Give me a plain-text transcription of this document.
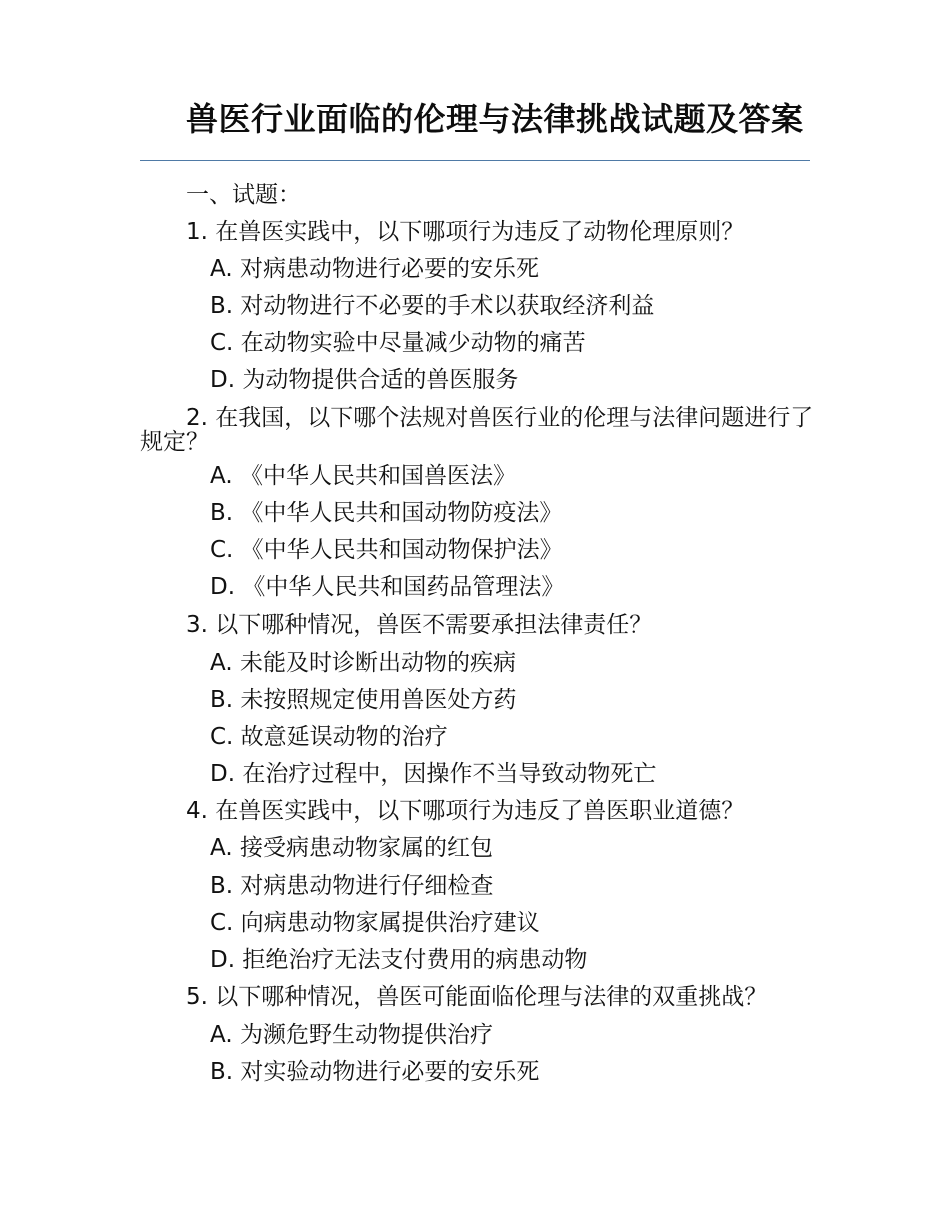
兽医行业面临的伦理与法律挑战试题及答案

一、试题：

1. 在兽医实践中，以下哪项行为违反了动物伦理原则？

A. 对病患动物进行必要的安乐死

B. 对动物进行不必要的手术以获取经济利益

C. 在动物实验中尽量减少动物的痛苦

D. 为动物提供合适的兽医服务

2. 在我国，以下哪个法规对兽医行业的伦理与法律问题进行了规定？

A. 《中华人民共和国兽医法》

B. 《中华人民共和国动物防疫法》

C. 《中华人民共和国动物保护法》

D. 《中华人民共和国药品管理法》

3. 以下哪种情况，兽医不需要承担法律责任？

A. 未能及时诊断出动物的疾病

B. 未按照规定使用兽医处方药

C. 故意延误动物的治疗

D. 在治疗过程中，因操作不当导致动物死亡

4. 在兽医实践中，以下哪项行为违反了兽医职业道德？

A. 接受病患动物家属的红包

B. 对病患动物进行仔细检查

C. 向病患动物家属提供治疗建议

D. 拒绝治疗无法支付费用的病患动物

5. 以下哪种情况，兽医可能面临伦理与法律的双重挑战？

A. 为濒危野生动物提供治疗

B. 对实验动物进行必要的安乐死
